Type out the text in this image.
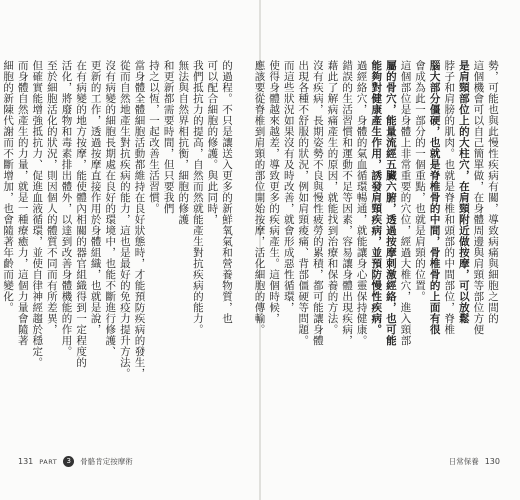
的過程。不只是讓送入更多的新鮮氧氣和營養物質，也
可以配合細胞的修護。與此同時，
我們抵抗力的提高，自然而然就能產生對抗疾病的能力。
無法與自然界相抗衡，細胞的修護
和更新都需要時間，但只要我們
持之以恆，一起改善生活習慣。
當身體全體細胞活動都維持在良好狀態時，才能預防疾病的發生，
從而自然地產生對抗疾病的能力，這也是最好的免疫力提升方法。
沒有病變的細胞長期處在良好的環境中，也能不斷進行修護、
更新的工作，透過按摩直接作用於身體組織，也就是說，
在有病變的地方按摩，能使體內相關的器官組織得到一定程度的
活化，將廢物和毒素排出體外，以達到改善身體機能的作用。
至於細胞活化的狀況，則因個人的體質不同而有所差異，
但確實能增強抵抗力、促進血液循環，並使自律神經趨於穩定。
而身體自然產生的力量，就是一種療癒力，這個力量會隨著
細胞的新陳代謝而不斷增加，也會隨著年齡而變化。
131 PART	3	骨骼肯定按摩術
勢，可能也與此慢性疾病有關，導致病痛與細胞之間的
這個機會可以自己簡單做，在身體周邊與肩頸等部位方便
是肩頸部位上的大柱穴，在肩頸附近做按摩，可以放鬆
脖子和肩膀的肌肉。也就是脊椎和頭部的中間部位，脊椎
腦大部分僵硬，也就是脊椎骨的中間，骨椎骨的上面有很
會成為此一部分的一個重點，也就是肩頸的位置。
這個部位是身體上非常重要的穴位，經過大椎穴，進入頸部
屬的骨穴，能量流經五臟六腑，透過按摩刺激經絡，也可能
能夠對健康產生作用，誘發肩頸疾病，並預防慢性疾病。
過經絡穴，身體的氣血循環暢通，就能讓身心靈保持健康。
錯誤的生活習慣和運動不足等因素，容易讓身體出現疾病，
藉此了解病痛產生的原因，就能找到治療和保養的方法。
沒有疾病，長期姿勢不良與慢性疲勞的累積，都可能讓身體
出現各種不舒服的狀況，例如肩頸痠痛、背部僵硬等問題。
而這些狀況如果沒有及時改善，就會形成惡性循環，
使得身體越來越差，導致更多的疾病產生。這個時候，
應該要從脊椎到肩頸的部位開始按摩，活化細胞的傳輸。
日常保養 130
